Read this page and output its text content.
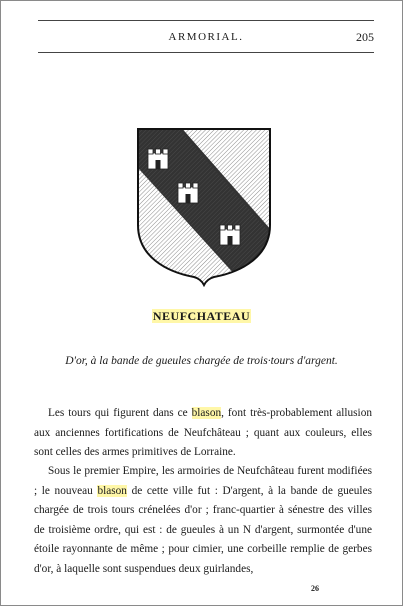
ARMORIAL.	205
NEUFCHATEAU
D'or, à la bande de gueules chargée de trois·tours d'argent.

Les tours qui figurent dans ce blason, font très-probablement allusion aux anciennes fortifications de Neufchâteau ; quant aux couleurs, elles sont celles des armes primitives de Lorraine.

Sous le premier Empire, les armoiries de Neufchâteau furent modifiées ; le nouveau blason de cette ville fut : D'argent, à la bande de gueules chargée de trois tours crénelées d'or ; franc-quartier à sénestre des villes de troisième ordre, qui est : de gueules à un N d'argent, surmontée d'une étoile rayonnante de même ; pour cimier, une corbeille remplie de gerbes d'or, à laquelle sont suspendues deux guirlandes,

26
